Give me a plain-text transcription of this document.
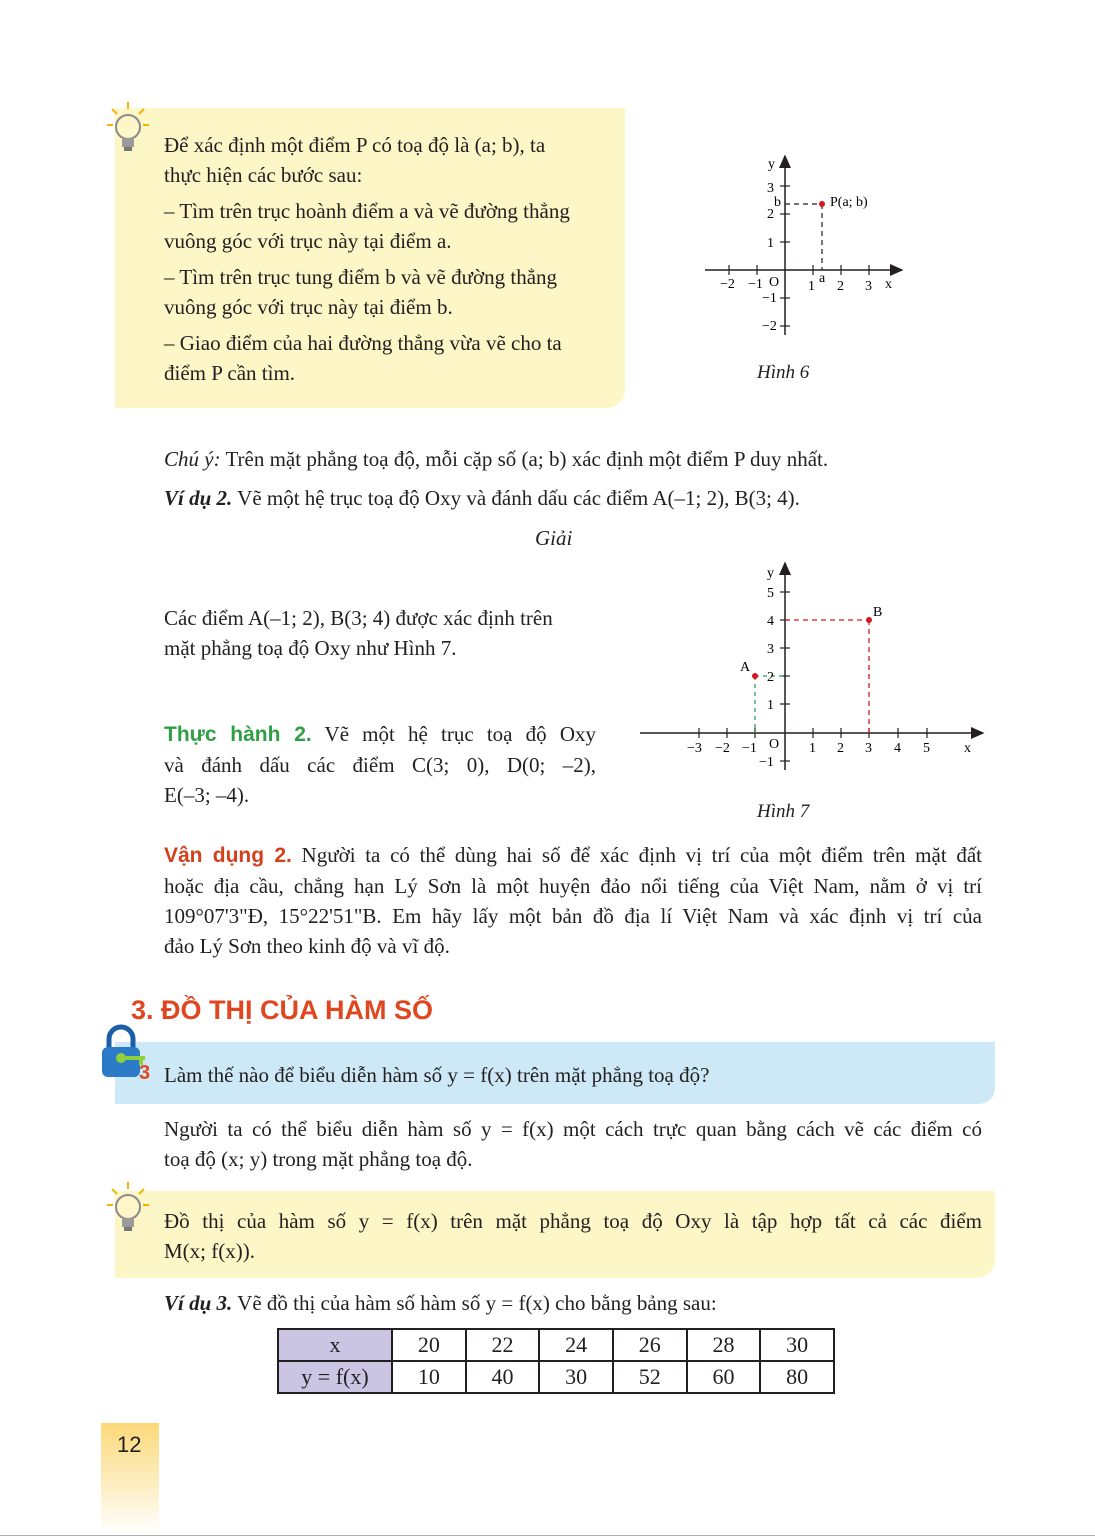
Để xác định một điểm P có toạ độ là (a; b), ta

thực hiện các bước sau:

– Tìm trên trục hoành điểm a và vẽ đường thẳng

vuông góc với trục này tại điểm a.

– Tìm trên trục tung điểm b và vẽ đường thẳng

vuông góc với trục này tại điểm b.

– Giao điểm của hai đường thẳng vừa vẽ cho ta

điểm P cần tìm.

−2 −1	1 2 3 x
y
O
3
2
1
−1
−2
a
b	P(a; b)
Hình 6

Chú ý: Trên mặt phẳng toạ độ, mỗi cặp số (a; b) xác định một điểm P duy nhất.

Ví dụ 2. Vẽ một hệ trục toạ độ Oxy và đánh dấu các điểm A(–1; 2), B(3; 4).

Giải

Các điểm A(–1; 2), B(3; 4) được xác định trên

mặt phẳng toạ độ Oxy như Hình 7.

Thực hành 2. Vẽ một hệ trục toạ độ Oxy

và đánh dấu các điểm C(3; 0), D(0; –2),

E(–3; –4).

−3 −2 −1	1 2 3 4 5 x
y
O
5
4
3
2
1
−1
A
B
Hình 7

Vận dụng 2. Người ta có thể dùng hai số để xác định vị trí của một điểm trên mặt đất

hoặc địa cầu, chẳng hạn Lý Sơn là một huyện đảo nổi tiếng của Việt Nam, nằm ở vị trí

109°07'3"Đ, 15°22'51"B. Em hãy lấy một bản đồ địa lí Việt Nam và xác định vị trí của

đảo Lý Sơn theo kinh độ và vĩ độ.

3. ĐỒ THỊ CỦA HÀM SỐ
3 Làm thế nào để biểu diễn hàm số y = f(x) trên mặt phẳng toạ độ?

Người ta có thể biểu diễn hàm số y = f(x) một cách trực quan bằng cách vẽ các điểm có

toạ độ (x; y) trong mặt phẳng toạ độ.

Đồ thị của hàm số y = f(x) trên mặt phẳng toạ độ Oxy là tập hợp tất cả các điểm

M(x; f(x)).

Ví dụ 3. Vẽ đồ thị của hàm số hàm số y = f(x) cho bằng bảng sau:

x	20	22	24	26	28	30
y = f(x)	10	40	30	52	60	80
12
